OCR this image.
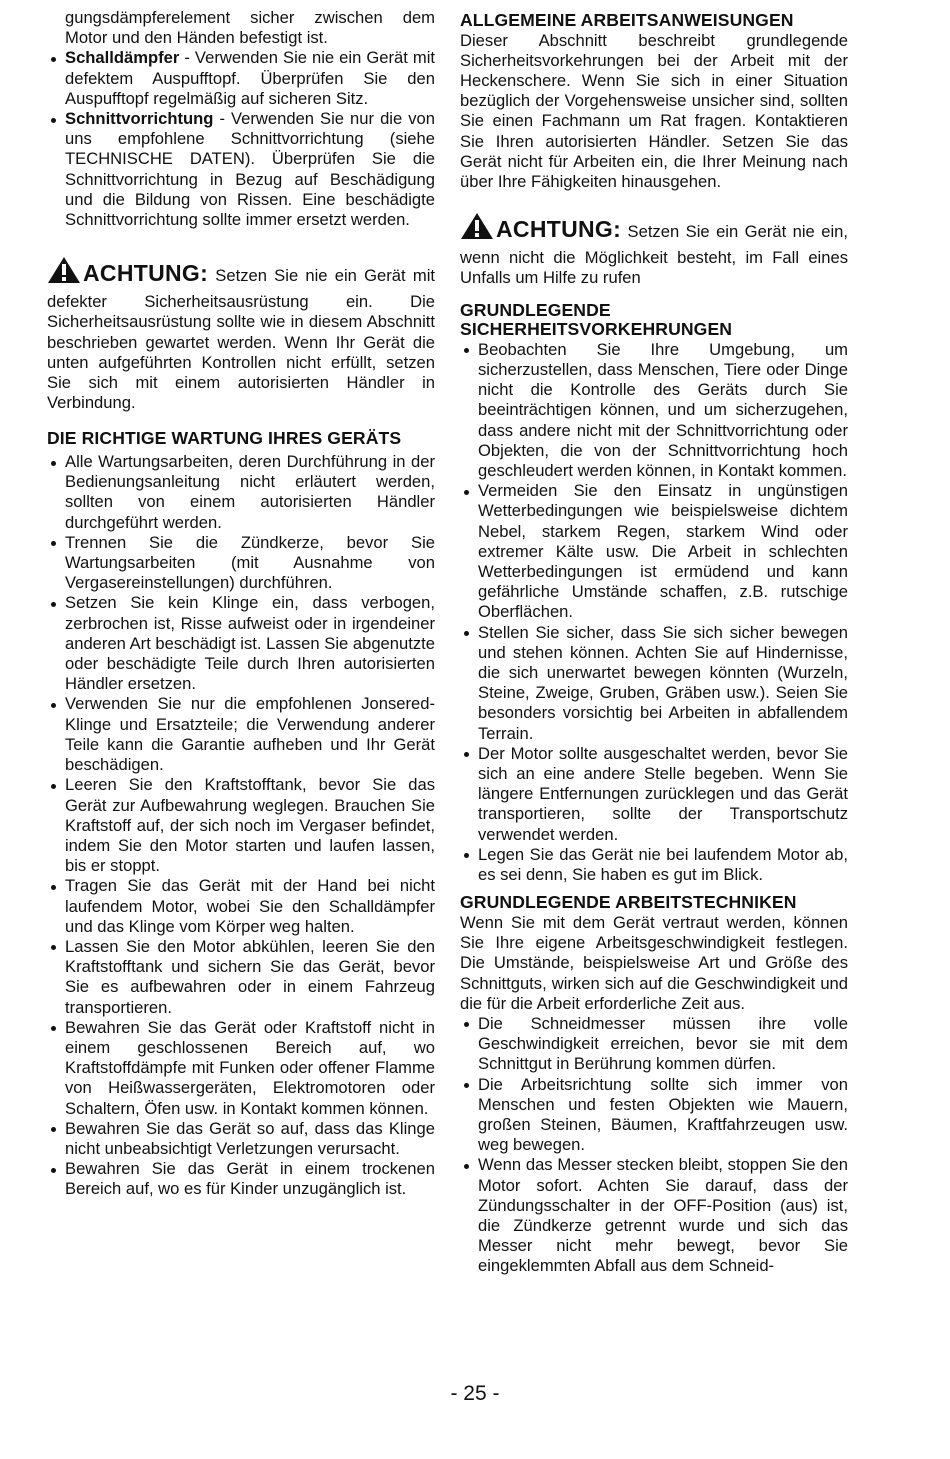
gungsdämpferelement sicher zwischen dem Motor und den Händen befestigt ist.

Schalldämpfer - Verwenden Sie nie ein Gerät mit defektem Auspufftopf. Überprüfen Sie den Auspufftopf regelmäßig auf sicheren Sitz.
Schnittvorrichtung - Verwenden Sie nur die von uns empfohlene Schnittvorrichtung (siehe TECHNISCHE DATEN). Überprüfen Sie die Schnittvorrichtung in Bezug auf Beschädigung und die Bildung von Rissen. Eine beschädigte Schnittvorrichtung sollte immer ersetzt werden.

ACHTUNG: Setzen Sie nie ein Gerät mit defekter Sicherheitsausrüstung ein. Die Sicherheitsausrüstung sollte wie in diesem Abschnitt beschrieben gewartet werden. Wenn Ihr Gerät die unten aufgeführten Kontrollen nicht erfüllt, setzen Sie sich mit einem autorisierten Händler in Verbindung.

DIE RICHTIGE WARTUNG IHRES GERÄTS
Alle Wartungsarbeiten, deren Durchführung in der Bedienungsanleitung nicht erläutert werden, sollten von einem autorisierten Händler durchgeführt werden.
Trennen Sie die Zündkerze, bevor Sie Wartungsarbeiten (mit Ausnahme von Vergasereinstellungen) durchführen.
Setzen Sie kein Klinge ein, dass verbogen, zerbrochen ist, Risse aufweist oder in irgendeiner anderen Art beschädigt ist. Lassen Sie abgenutzte oder beschädigte Teile durch Ihren autorisierten Händler ersetzen.
Verwenden Sie nur die empfohlenen Jonsered-Klinge und Ersatzteile; die Verwendung anderer Teile kann die Garantie aufheben und Ihr Gerät beschädigen.
Leeren Sie den Kraftstofftank, bevor Sie das Gerät zur Aufbewahrung weglegen. Brauchen Sie Kraftstoff auf, der sich noch im Vergaser befindet, indem Sie den Motor starten und laufen lassen, bis er stoppt.
Tragen Sie das Gerät mit der Hand bei nicht laufendem Motor, wobei Sie den Schalldämpfer und das Klinge vom Körper weg halten.
Lassen Sie den Motor abkühlen, leeren Sie den Kraftstofftank und sichern Sie das Gerät, bevor Sie es aufbewahren oder in einem Fahrzeug transportieren.
Bewahren Sie das Gerät oder Kraftstoff nicht in einem geschlossenen Bereich auf, wo Kraftstoffdämpfe mit Funken oder offener Flamme von Heißwassergeräten, Elektromotoren oder Schaltern, Öfen usw. in Kontakt kommen können.
Bewahren Sie das Gerät so auf, dass das Klinge nicht unbeabsichtigt Verletzungen verursacht.
Bewahren Sie das Gerät in einem trockenen Bereich auf, wo es für Kinder unzugänglich ist.
ALLGEMEINE ARBEITSANWEISUNGEN

Dieser Abschnitt beschreibt grundlegende Sicherheitsvorkehrungen bei der Arbeit mit der Heckenschere. Wenn Sie sich in einer Situation bezüglich der Vorgehensweise unsicher sind, sollten Sie einen Fachmann um Rat fragen. Kontaktieren Sie Ihren autorisierten Händler. Setzen Sie das Gerät nicht für Arbeiten ein, die Ihrer Meinung nach über Ihre Fähigkeiten hinausgehen.

ACHTUNG: Setzen Sie ein Gerät nie ein, wenn nicht die Möglichkeit besteht, im Fall eines Unfalls um Hilfe zu rufen

GRUNDLEGENDE SICHERHEITSVORKEHRUNGEN
Beobachten Sie Ihre Umgebung, um sicherzustellen, dass Menschen, Tiere oder Dinge nicht die Kontrolle des Geräts durch Sie beeinträchtigen können, und um sicherzugehen, dass andere nicht mit der Schnittvorrichtung oder Objekten, die von der Schnittvorrichtung hoch geschleudert werden können, in Kontakt kommen.
Vermeiden Sie den Einsatz in ungünstigen Wetterbedingungen wie beispielsweise dichtem Nebel, starkem Regen, starkem Wind oder extremer Kälte usw. Die Arbeit in schlechten Wetterbedingungen ist ermüdend und kann gefährliche Umstände schaffen, z.B. rutschige Oberflächen.
Stellen Sie sicher, dass Sie sich sicher bewegen und stehen können. Achten Sie auf Hindernisse, die sich unerwartet bewegen könnten (Wurzeln, Steine, Zweige, Gruben, Gräben usw.). Seien Sie besonders vorsichtig bei Arbeiten in abfallendem Terrain.
Der Motor sollte ausgeschaltet werden, bevor Sie sich an eine andere Stelle begeben. Wenn Sie längere Entfernungen zurücklegen und das Gerät transportieren, sollte der Transportschutz verwendet werden.
Legen Sie das Gerät nie bei laufendem Motor ab, es sei denn, Sie haben es gut im Blick.
GRUNDLEGENDE ARBEITSTECHNIKEN

Wenn Sie mit dem Gerät vertraut werden, können Sie Ihre eigene Arbeitsgeschwindigkeit festlegen. Die Umstände, beispielsweise Art und Größe des Schnittguts, wirken sich auf die Geschwindigkeit und die für die Arbeit erforderliche Zeit aus.

Die Schneidmesser müssen ihre volle Geschwindigkeit erreichen, bevor sie mit dem Schnittgut in Berührung kommen dürfen.
Die Arbeitsrichtung sollte sich immer von Menschen und festen Objekten wie Mauern, großen Steinen, Bäumen, Kraftfahrzeugen usw. weg bewegen.
Wenn das Messer stecken bleibt, stoppen Sie den Motor sofort. Achten Sie darauf, dass der Zündungsschalter in der OFF-Position (aus) ist, die Zündkerze getrennt wurde und sich das Messer nicht mehr bewegt, bevor Sie eingeklemmten Abfall aus dem Schneid-
- 25 -
